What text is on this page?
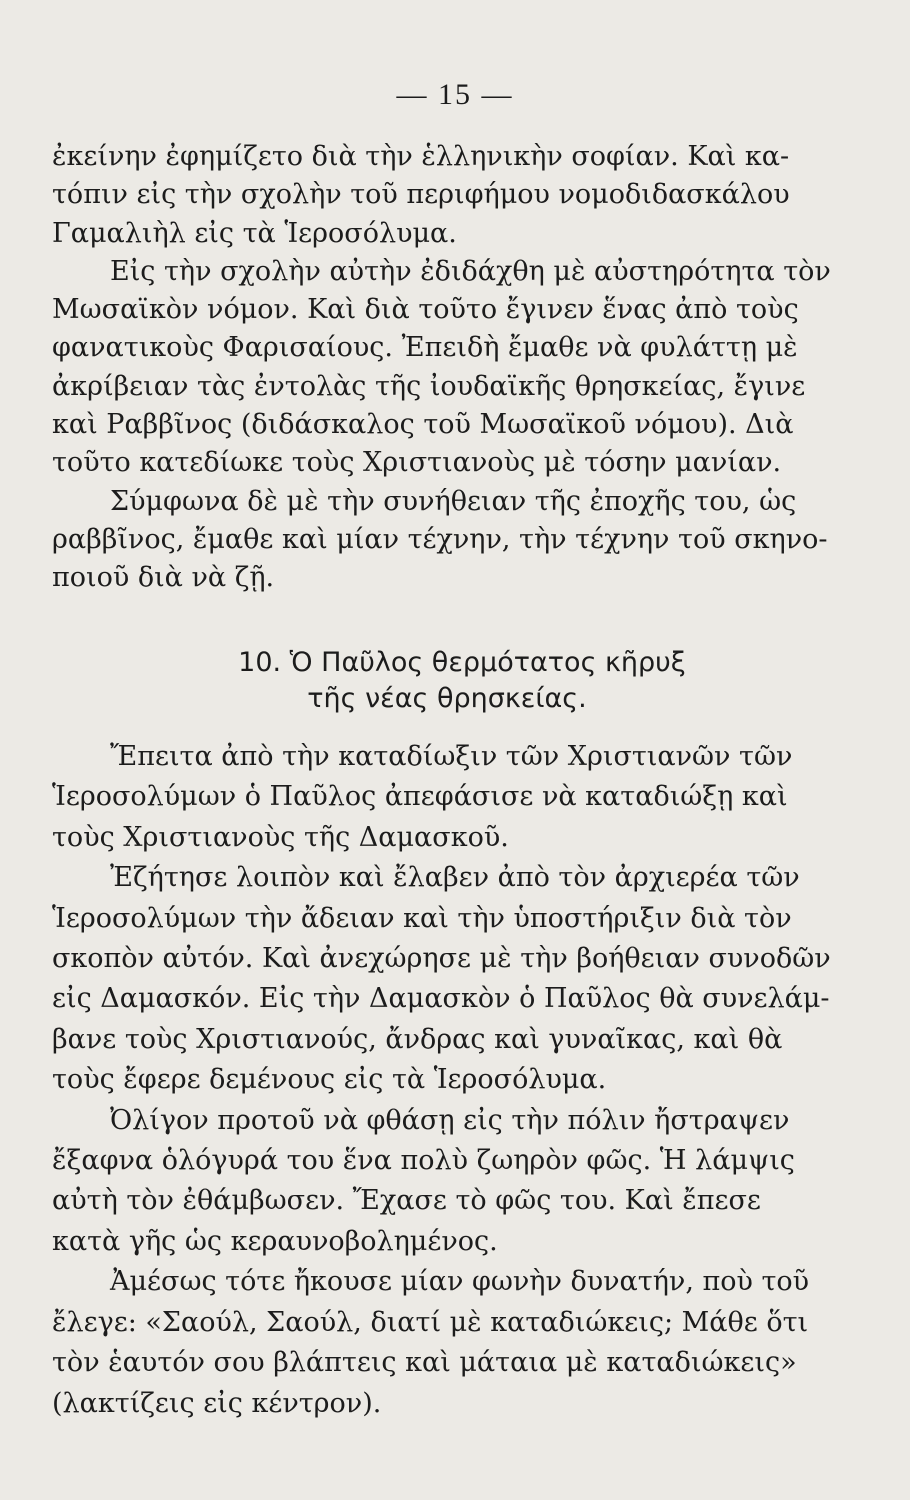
— 15 —

ἐκείνην ἐφημίζετο διὰ τὴν ἑλληνικὴν σοφίαν. Καὶ κα-
τόπιν εἰς τὴν σχολὴν τοῦ περιφήμου νομοδιδασκάλου
Γαμαλιὴλ εἰς τὰ Ἱεροσόλυμα.

Εἰς τὴν σχολὴν αὐτὴν ἐδιδάχθη μὲ αὐστηρότητα τὸν
Μωσαϊκὸν νόμον. Καὶ διὰ τοῦτο ἔγινεν ἕνας ἀπὸ τοὺς
φανατικοὺς Φαρισαίους. Ἐπειδὴ ἔμαθε νὰ φυλάττῃ μὲ
ἀκρίβειαν τὰς ἐντολὰς τῆς ἰουδαϊκῆς θρησκείας, ἔγινε
καὶ Ραββῖνος (διδάσκαλος τοῦ Μωσαϊκοῦ νόμου). Διὰ
τοῦτο κατεδίωκε τοὺς Χριστιανοὺς μὲ τόσην μανίαν.

Σύμφωνα δὲ μὲ τὴν συνήθειαν τῆς ἐποχῆς του, ὡς
ραββῖνος, ἔμαθε καὶ μίαν τέχνην, τὴν τέχνην τοῦ σκηνο-
ποιοῦ διὰ νὰ ζῇ.

10. Ὁ Παῦλος θερμότατος κῆρυξ
τῆς νέας θρησκείας.

Ἔπειτα ἀπὸ τὴν καταδίωξιν τῶν Χριστιανῶν τῶν
Ἱεροσολύμων ὁ Παῦλος ἀπεφάσισε νὰ καταδιώξῃ καὶ
τοὺς Χριστιανοὺς τῆς Δαμασκοῦ.

Ἐζήτησε λοιπὸν καὶ ἔλαβεν ἀπὸ τὸν ἀρχιερέα τῶν
Ἱεροσολύμων τὴν ἄδειαν καὶ τὴν ὑποστήριξιν διὰ τὸν
σκοπὸν αὐτόν. Καὶ ἀνεχώρησε μὲ τὴν βοήθειαν συνοδῶν
εἰς Δαμασκόν. Εἰς τὴν Δαμασκὸν ὁ Παῦλος θὰ συνελάμ-
βανε τοὺς Χριστιανούς, ἄνδρας καὶ γυναῖκας, καὶ θὰ
τοὺς ἔφερε δεμένους εἰς τὰ Ἱεροσόλυμα.

Ὀλίγον προτοῦ νὰ φθάσῃ εἰς τὴν πόλιν ἤστραψεν
ἔξαφνα ὁλόγυρά του ἕνα πολὺ ζωηρὸν φῶς. Ἡ λάμψις
αὐτὴ τὸν ἐθάμβωσεν. Ἔχασε τὸ φῶς του. Καὶ ἔπεσε
κατὰ γῆς ὡς κεραυνοβολημένος.

Ἀμέσως τότε ἤκουσε μίαν φωνὴν δυνατήν, ποὺ τοῦ
ἔλεγε: «Σαούλ, Σαούλ, διατί μὲ καταδιώκεις; Μάθε ὅτι
τὸν ἑαυτόν σου βλάπτεις καὶ μάταια μὲ καταδιώκεις»
(λακτίζεις εἰς κέντρον).
